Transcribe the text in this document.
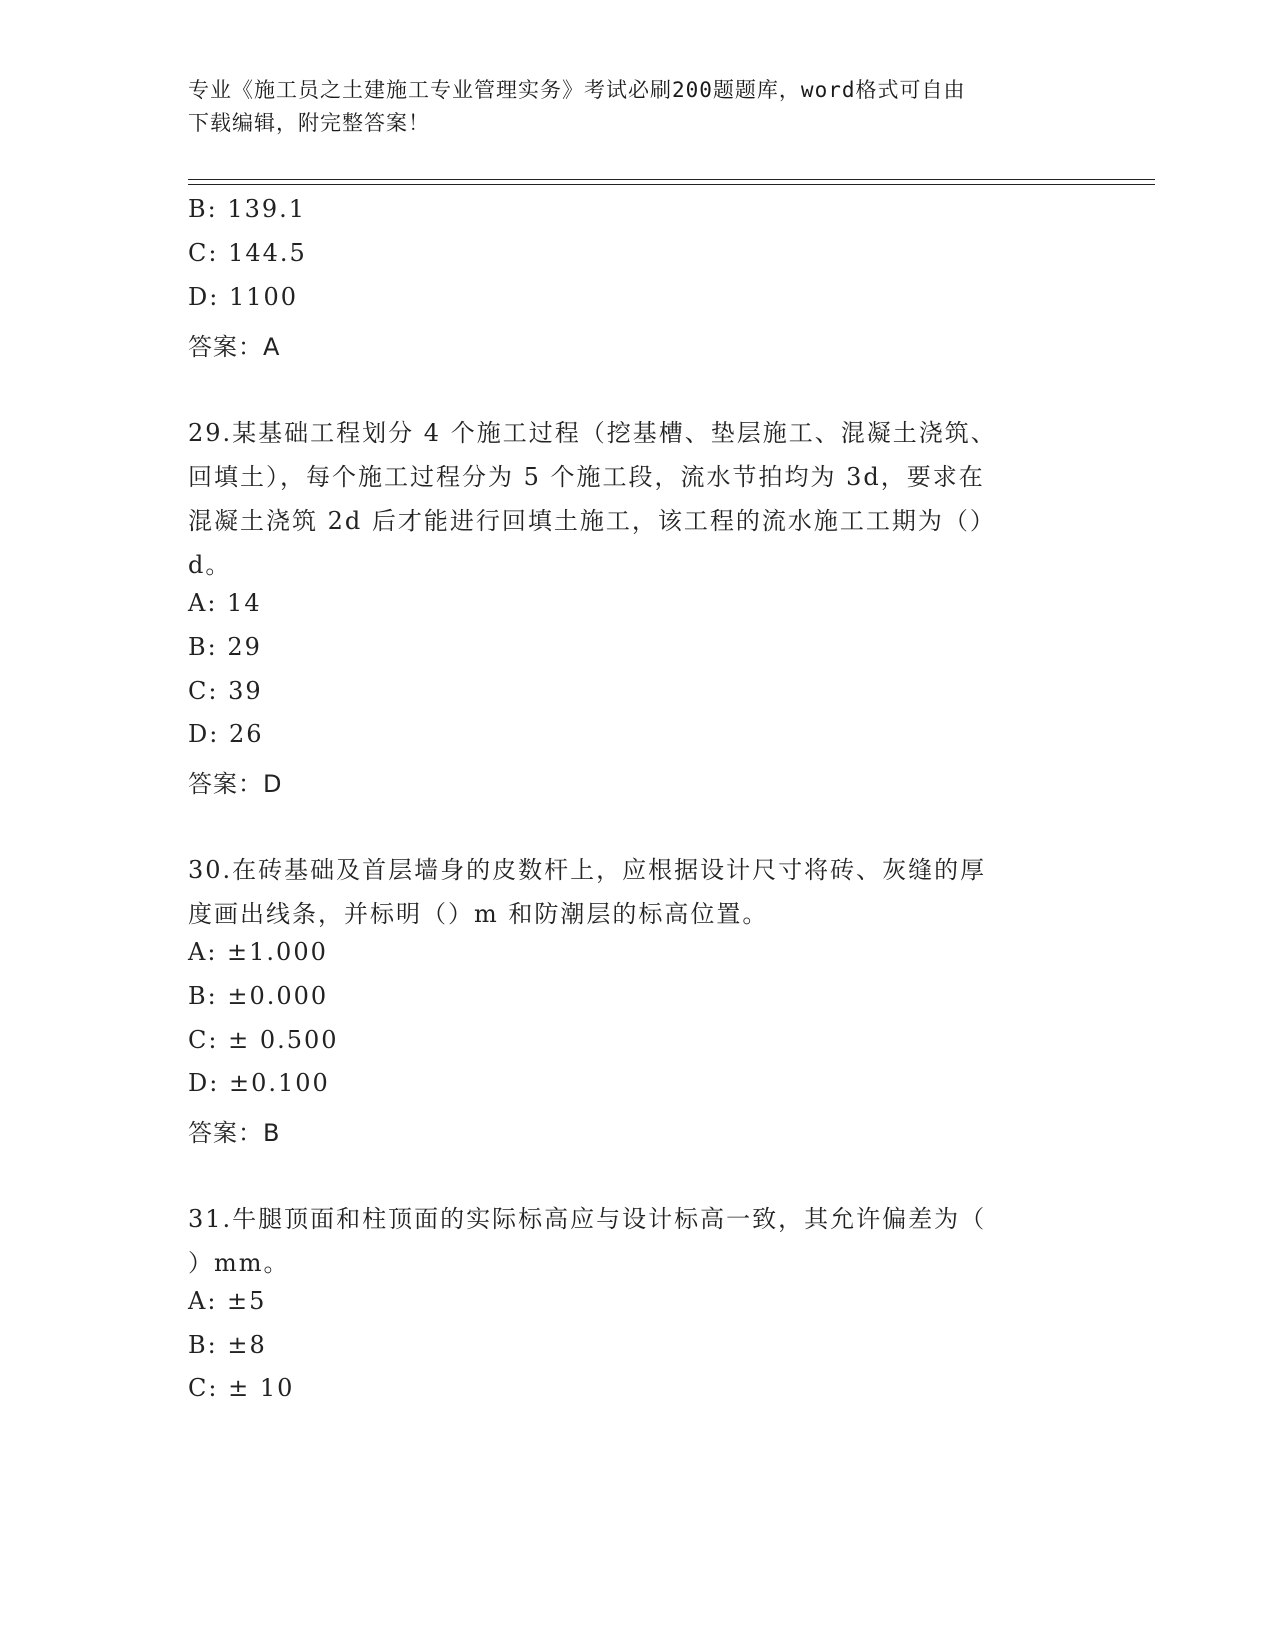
专业《施工员之土建施工专业管理实务》考试必刷200题题库，word格式可自由
下载编辑，附完整答案！
B: 139.1
C: 144.5
D: 1100
答案：A
29.某基础工程划分 4 个施工过程（挖基槽、垫层施工、混凝土浇筑、
回填土），每个施工过程分为 5 个施工段，流水节拍均为 3d，要求在
混凝土浇筑 2d 后才能进行回填土施工，该工程的流水施工工期为（）
d。
A: 14
B: 29
C: 39
D: 26
答案：D
30.在砖基础及首层墙身的皮数杆上，应根据设计尺寸将砖、灰缝的厚
度画出线条，并标明（）m 和防潮层的标高位置。
A: ±1.000
B: ±0.000
C: ± 0.500
D: ±0.100
答案：B
31.牛腿顶面和柱顶面的实际标高应与设计标高一致，其允许偏差为（
）mm。
A: ±5
B: ±8
C: ± 10
